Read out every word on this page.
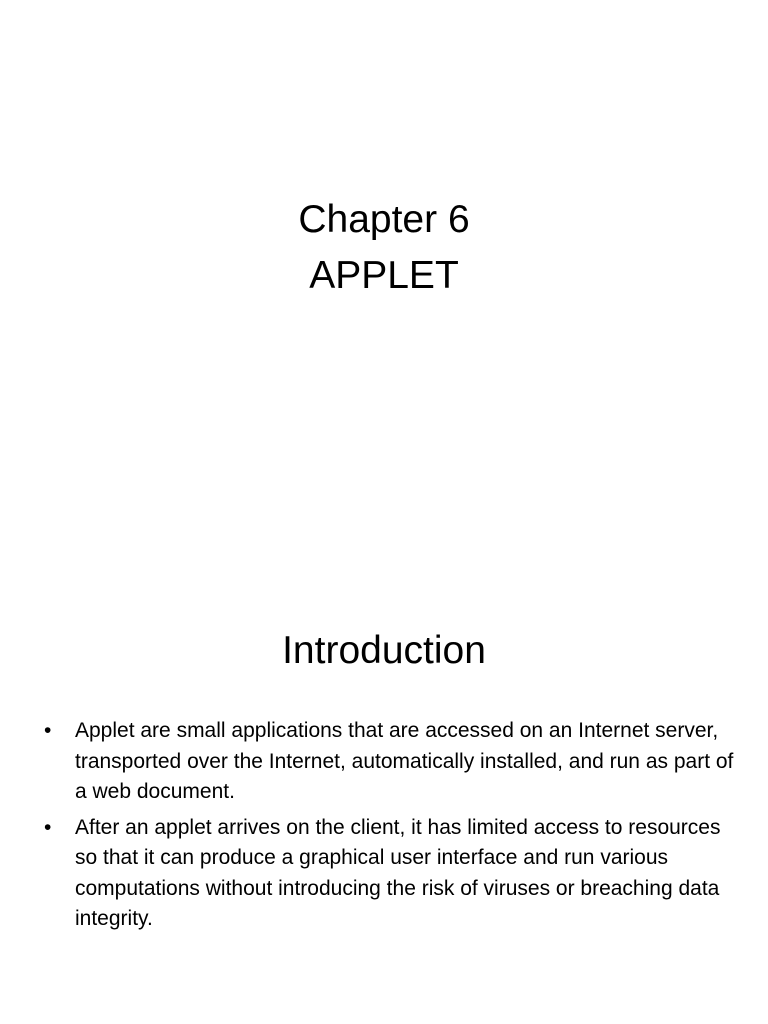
Chapter 6
APPLET
Introduction
• Applet are small applications that are accessed on an Internet server, transported over the Internet, automatically installed, and run as part of a web document.
• After an applet arrives on the client, it has limited access to resources so that it can produce a graphical user interface and run various computations without introducing the risk of viruses or breaching data integrity.
